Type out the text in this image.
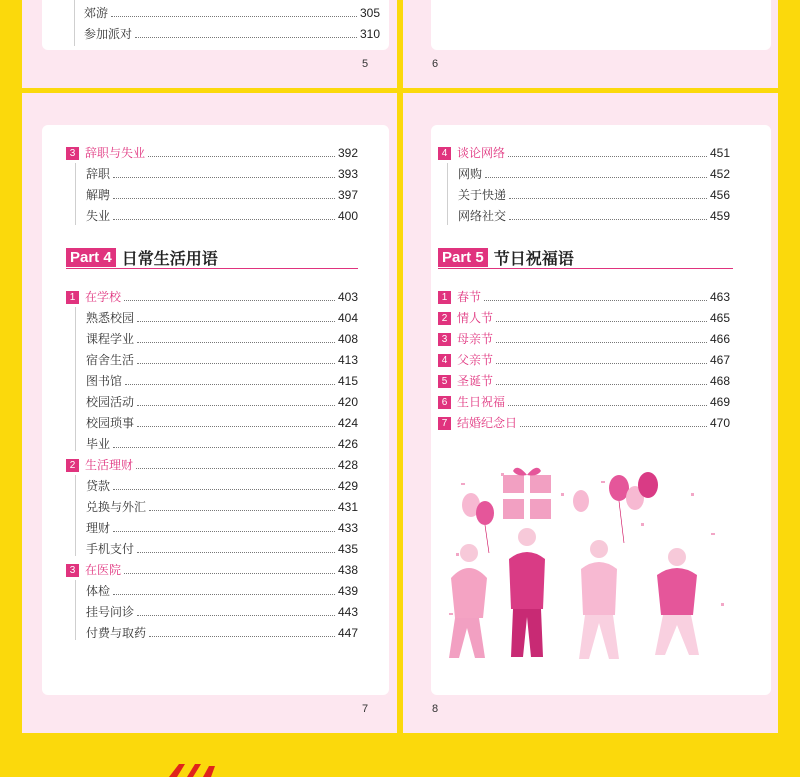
郊游	305
参加派对	310
5	6
3 辞职与失业	392
辞职	393
解聘	397
失业	400
Part 4 日常生活用语
1 在学校	403
熟悉校园	404
课程学业	408
宿舍生活	413
图书馆	415
校园活动	420
校园琐事	424
毕业	426
2 生活理财	428
贷款	429
兑换与外汇	431
理财	433
手机支付	435
3 在医院	438
体检	439
挂号问诊	443
付费与取药	447
7
4 谈论网络	451
网购	452
关于快递	456
网络社交	459
Part 5 节日祝福语
1 春节	463
2 情人节	465
3 母亲节	466
4 父亲节	467
5 圣诞节	468
6 生日祝福	469
7 结婚纪念日	470
8
